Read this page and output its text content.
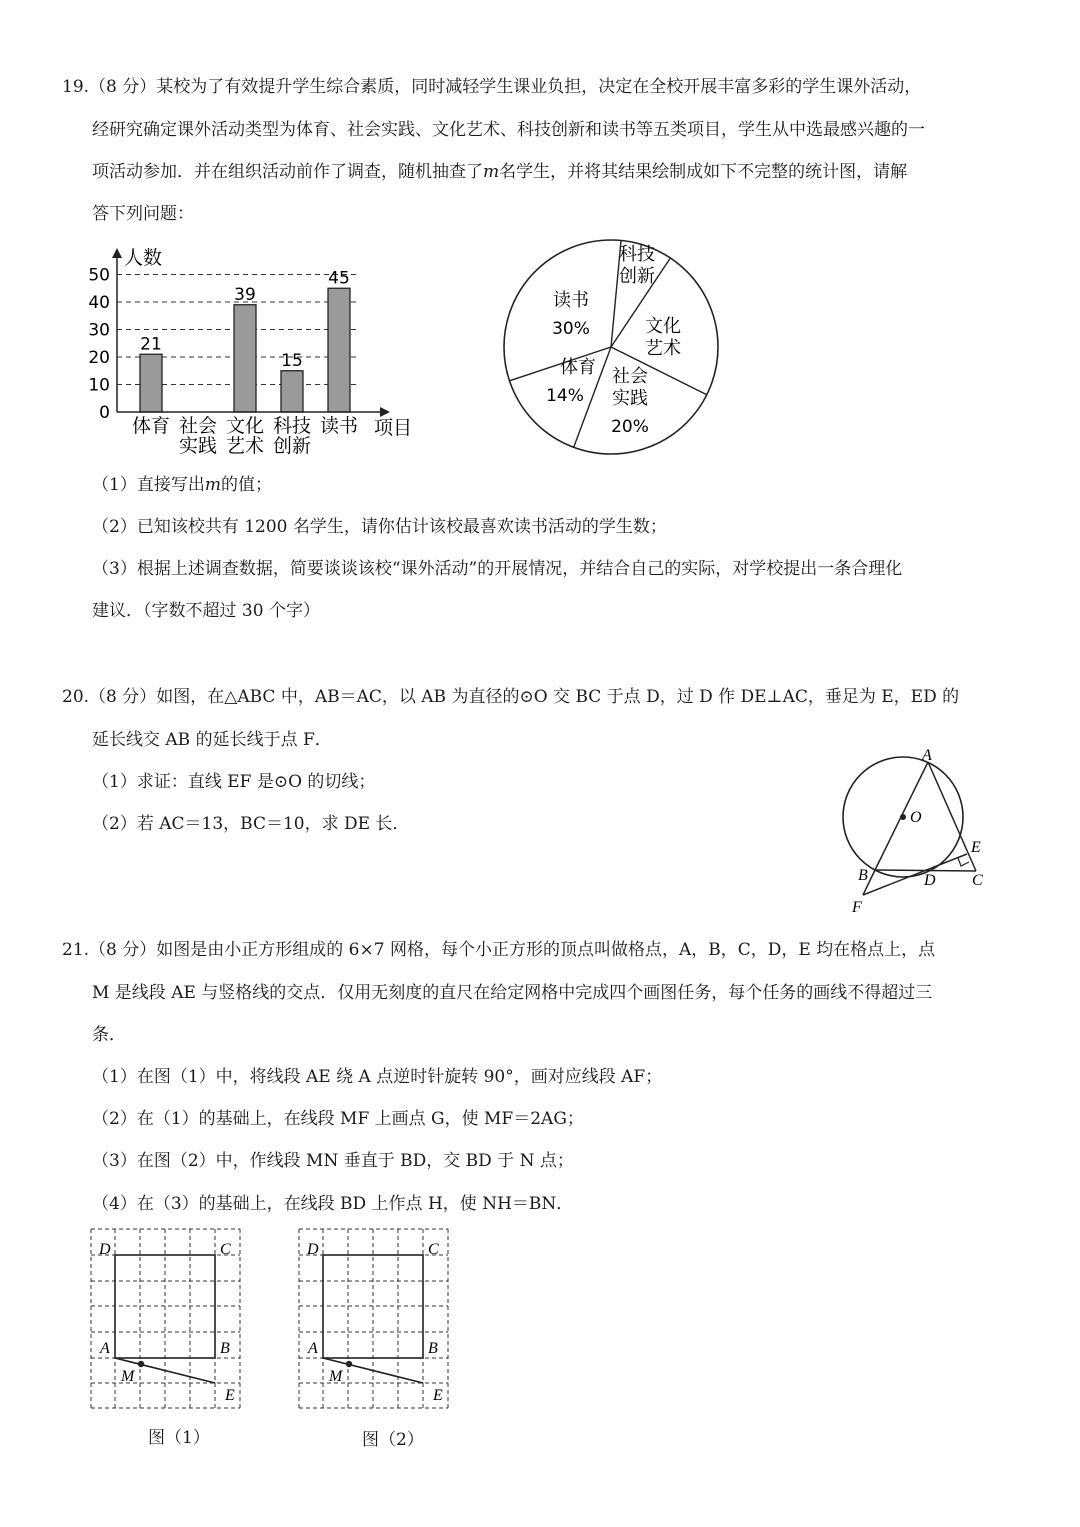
19.（8 分）某校为了有效提升学生综合素质，同时减轻学生课业负担，决定在全校开展丰富多彩的学生课外活动，
经研究确定课外活动类型为体育、社会实践、文化艺术、科技创新和读书等五类项目，学生从中选最感兴趣的一
项活动参加．并在组织活动前作了调查，随机抽查了m名学生，并将其结果绘制成如下不完整的统计图，请解
答下列问题：
21
39
15
45
50
40
30
20
10
0
体育 社会
实践
文化
艺术
科技
创新
读书
人数
项目
读书
30%
科技
创新
文化
艺术
社会
实践
20%
体育
14%
（1）直接写出m的值；
（2）已知该校共有 1200 名学生，请你估计该校最喜欢读书活动的学生数；
（3）根据上述调查数据，简要谈谈该校“课外活动”的开展情况，并结合自己的实际，对学校提出一条合理化
建议．（字数不超过 30 个字）
20.（8 分）如图，在△ABC 中，AB＝AC，以 AB 为直径的⊙O 交 BC 于点 D，过 D 作 DE⊥AC，垂足为 E，ED 的
延长线交 AB 的延长线于点 F．
（1）求证：直线 EF 是⊙O 的切线；
（2）若 AC＝13，BC＝10，求 DE 长．
A
O
E
B	D C
F
21.（8 分）如图是由小正方形组成的 6×7 网格，每个小正方形的顶点叫做格点，A，B，C，D，E 均在格点上，点
M 是线段 AE 与竖格线的交点．仅用无刻度的直尺在给定网格中完成四个画图任务，每个任务的画线不得超过三
条．
（1）在图（1）中，将线段 AE 绕 A 点逆时针旋转 90°，画对应线段 AF；
（2）在（1）的基础上，在线段 MF 上画点 G，使 MF＝2AG；
（3）在图（2）中，作线段 MN 垂直于 BD，交 BD 于 N 点；
（4）在（3）的基础上，在线段 BD 上作点 H，使 NH＝BN．
D	C
A	B
M
E
D	C
A	B
M
E
图（1）	图（2）
